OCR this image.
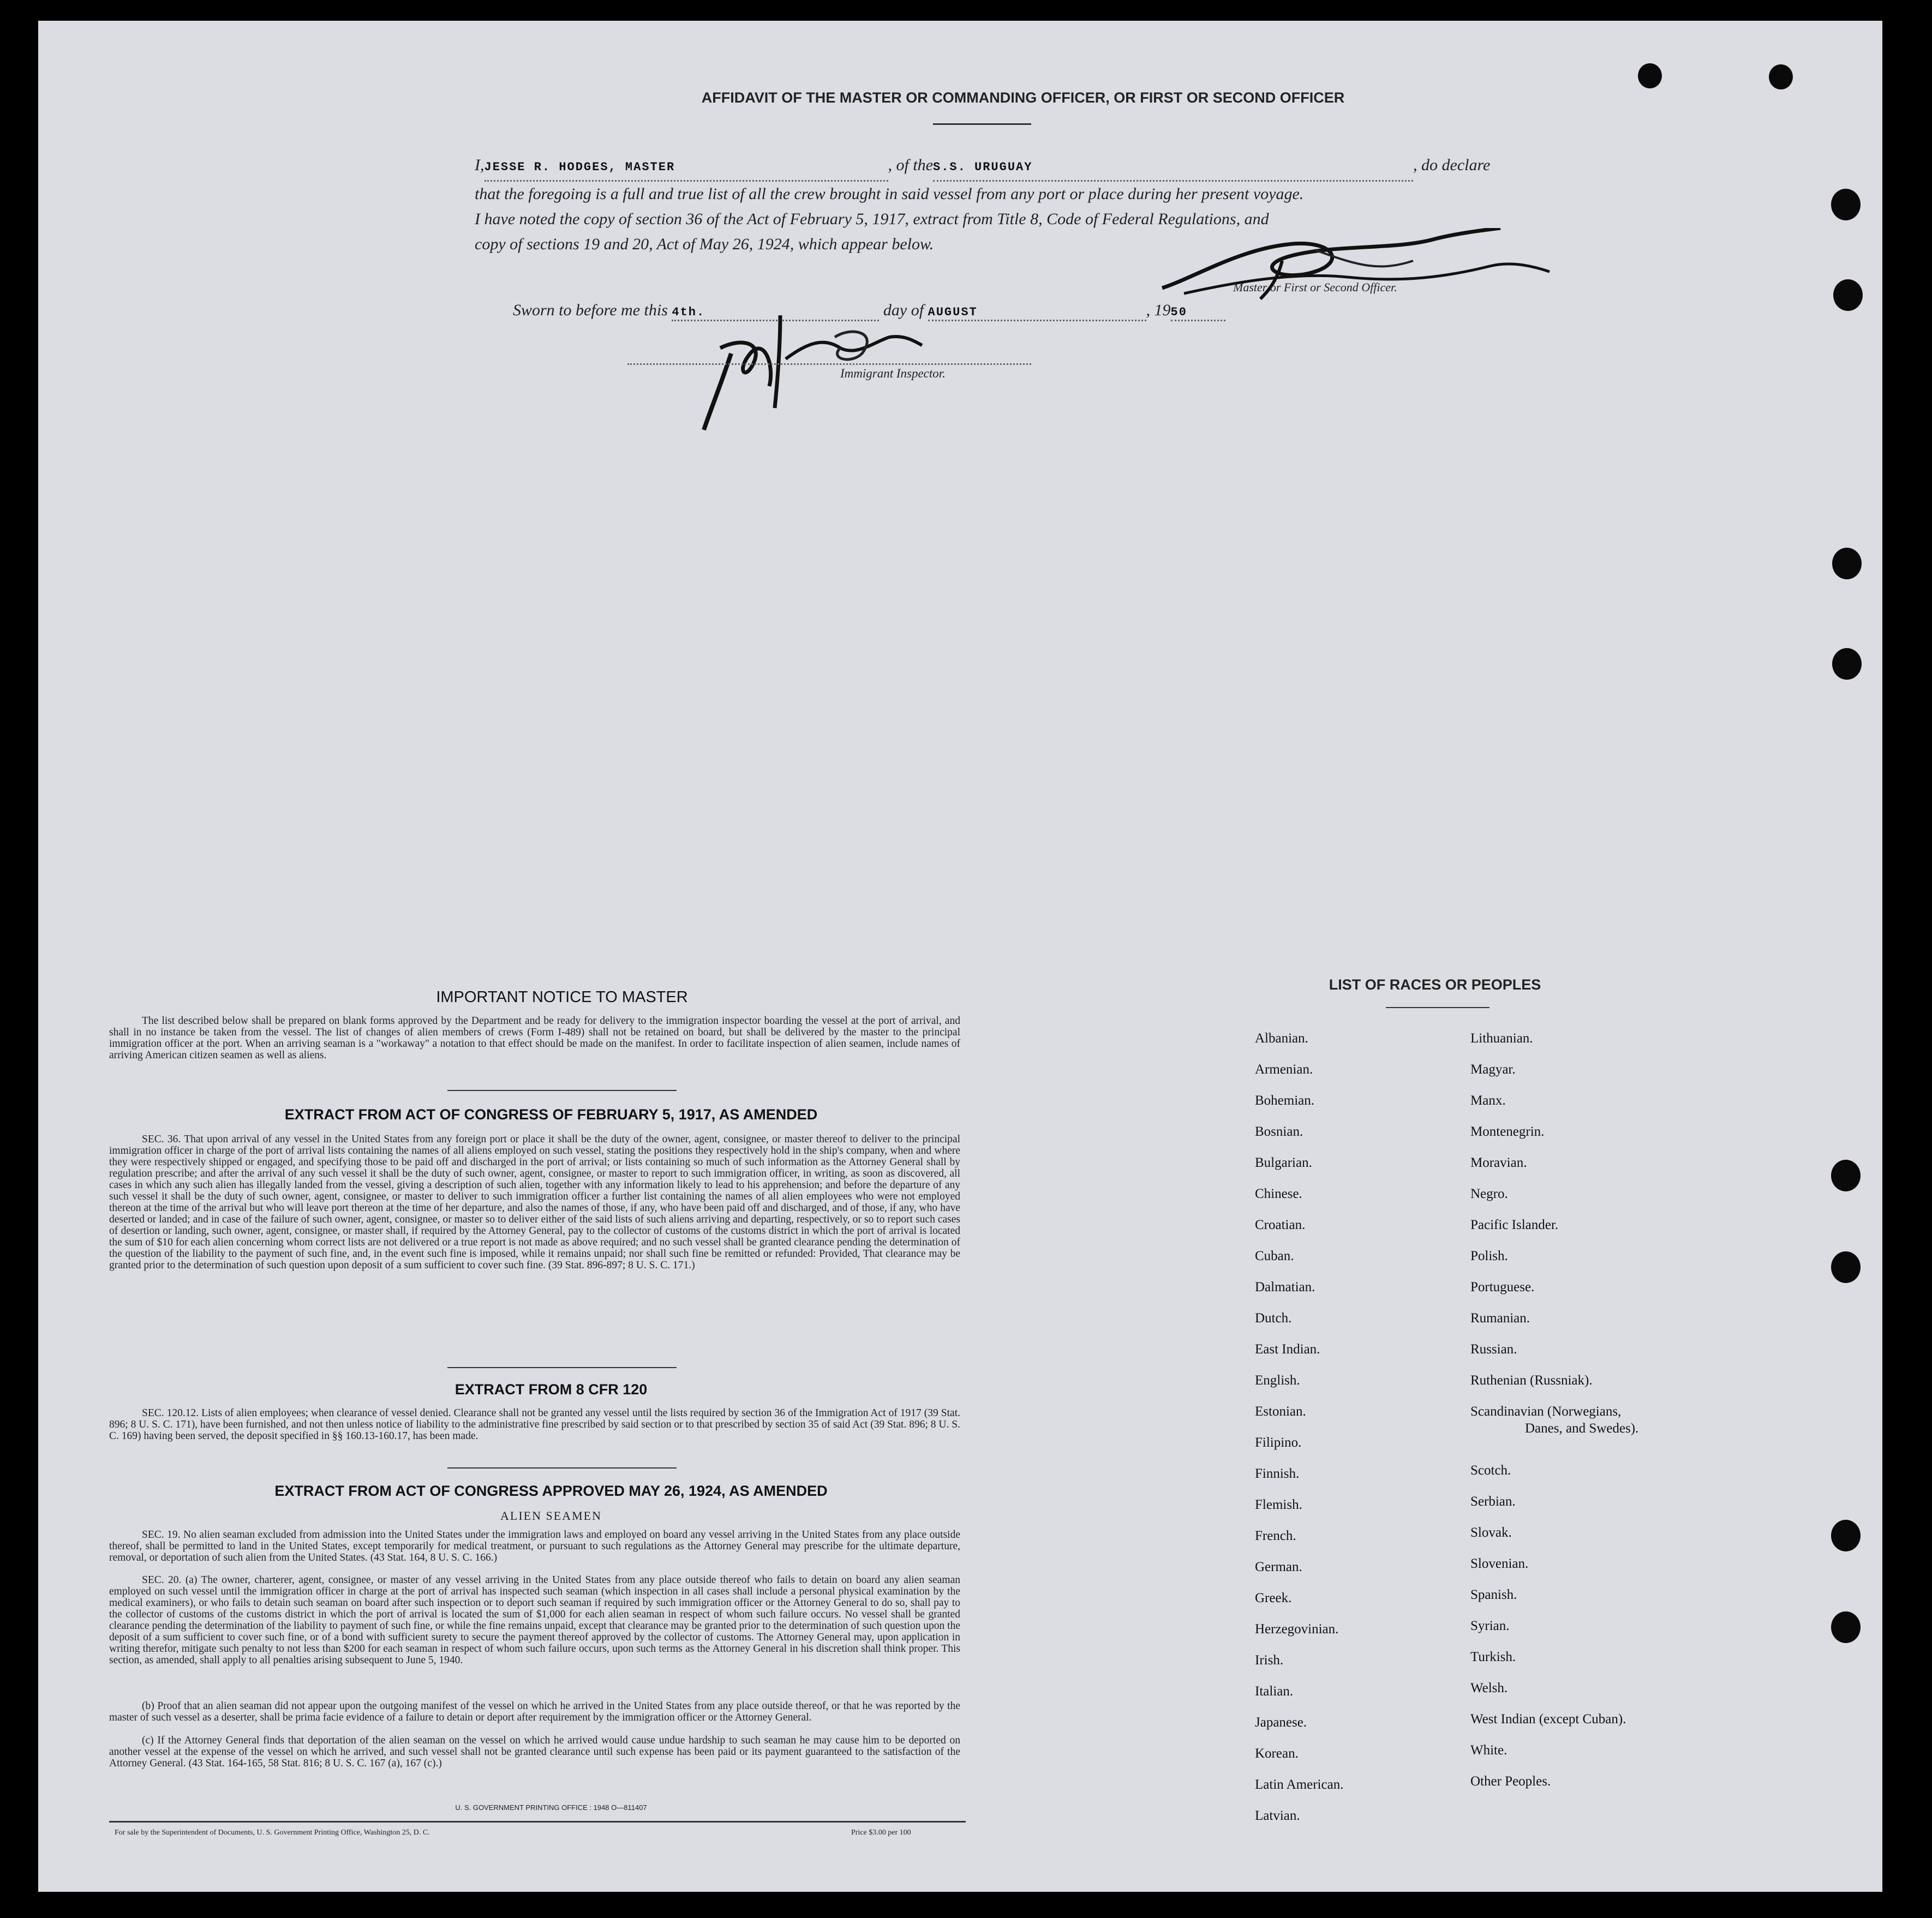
AFFIDAVIT OF THE MASTER OR COMMANDING OFFICER, OR FIRST OR SECOND OFFICER
I,JESSE R. HODGES, MASTER	, of theS.S. URUGUAY	, do declare
that the foregoing is a full and true list of all the crew brought in said vessel from any port or place during her present voyage.
I have noted the copy of section 36 of the Act of February 5, 1917, extract from Title 8, Code of Federal Regulations, and
copy of sections 19 and 20, Act of May 26, 1924, which appear below.
Master or First or Second Officer.
Sworn to before me this 4th.	day of AUGUST	, 1950
Immigrant Inspector.
IMPORTANT NOTICE TO MASTER
The list described below shall be prepared on blank forms approved by the Department and be ready for delivery to the immigration inspector boarding the vessel at the port of arrival, and shall in no instance be taken from the vessel. The list of changes of alien members of crews (Form I-489) shall not be retained on board, but shall be delivered by the master to the principal immigration officer at the port. When an arriving seaman is a "workaway" a notation to that effect should be made on the manifest. In order to facilitate inspection of alien seamen, include names of arriving American citizen seamen as well as aliens.
EXTRACT FROM ACT OF CONGRESS OF FEBRUARY 5, 1917, AS AMENDED
SEC. 36. That upon arrival of any vessel in the United States from any foreign port or place it shall be the duty of the owner, agent, consignee, or master thereof to deliver to the principal immigration officer in charge of the port of arrival lists containing the names of all aliens employed on such vessel, stating the positions they respectively hold in the ship's company, when and where they were respectively shipped or engaged, and specifying those to be paid off and discharged in the port of arrival; or lists containing so much of such information as the Attorney General shall by regulation prescribe; and after the arrival of any such vessel it shall be the duty of such owner, agent, consignee, or master to report to such immigration officer, in writing, as soon as discovered, all cases in which any such alien has illegally landed from the vessel, giving a description of such alien, together with any information likely to lead to his apprehension; and before the departure of any such vessel it shall be the duty of such owner, agent, consignee, or master to deliver to such immigration officer a further list containing the names of all alien employees who were not employed thereon at the time of the arrival but who will leave port thereon at the time of her departure, and also the names of those, if any, who have been paid off and discharged, and of those, if any, who have deserted or landed; and in case of the failure of such owner, agent, consignee, or master so to deliver either of the said lists of such aliens arriving and departing, respectively, or so to report such cases of desertion or landing, such owner, agent, consignee, or master shall, if required by the Attorney General, pay to the collector of customs of the customs district in which the port of arrival is located the sum of $10 for each alien concerning whom correct lists are not delivered or a true report is not made as above required; and no such vessel shall be granted clearance pending the determination of the question of the liability to the payment of such fine, and, in the event such fine is imposed, while it remains unpaid; nor shall such fine be remitted or refunded: Provided, That clearance may be granted prior to the determination of such question upon deposit of a sum sufficient to cover such fine. (39 Stat. 896-897; 8 U. S. C. 171.)
EXTRACT FROM 8 CFR 120
SEC. 120.12. Lists of alien employees; when clearance of vessel denied. Clearance shall not be granted any vessel until the lists required by section 36 of the Immigration Act of 1917 (39 Stat. 896; 8 U. S. C. 171), have been furnished, and not then unless notice of liability to the administrative fine prescribed by said section or to that prescribed by section 35 of said Act (39 Stat. 896; 8 U. S. C. 169) having been served, the deposit specified in §§ 160.13-160.17, has been made.
EXTRACT FROM ACT OF CONGRESS APPROVED MAY 26, 1924, AS AMENDED
ALIEN SEAMEN
SEC. 19. No alien seaman excluded from admission into the United States under the immigration laws and employed on board any vessel arriving in the United States from any place outside thereof, shall be permitted to land in the United States, except temporarily for medical treatment, or pursuant to such regulations as the Attorney General may prescribe for the ultimate departure, removal, or deportation of such alien from the United States. (43 Stat. 164, 8 U. S. C. 166.)
SEC. 20. (a) The owner, charterer, agent, consignee, or master of any vessel arriving in the United States from any place outside thereof who fails to detain on board any alien seaman employed on such vessel until the immigration officer in charge at the port of arrival has inspected such seaman (which inspection in all cases shall include a personal physical examination by the medical examiners), or who fails to detain such seaman on board after such inspection or to deport such seaman if required by such immigration officer or the Attorney General to do so, shall pay to the collector of customs of the customs district in which the port of arrival is located the sum of $1,000 for each alien seaman in respect of whom such failure occurs. No vessel shall be granted clearance pending the determination of the liability to payment of such fine, or while the fine remains unpaid, except that clearance may be granted prior to the determination of such question upon the deposit of a sum sufficient to cover such fine, or of a bond with sufficient surety to secure the payment thereof approved by the collector of customs. The Attorney General may, upon application in writing therefor, mitigate such penalty to not less than $200 for each seaman in respect of whom such failure occurs, upon such terms as the Attorney General in his discretion shall think proper. This section, as amended, shall apply to all penalties arising subsequent to June 5, 1940.
(b) Proof that an alien seaman did not appear upon the outgoing manifest of the vessel on which he arrived in the United States from any place outside thereof, or that he was reported by the master of such vessel as a deserter, shall be prima facie evidence of a failure to detain or deport after requirement by the immigration officer or the Attorney General.
(c) If the Attorney General finds that deportation of the alien seaman on the vessel on which he arrived would cause undue hardship to such seaman he may cause him to be deported on another vessel at the expense of the vessel on which he arrived, and such vessel shall not be granted clearance until such expense has been paid or its payment guaranteed to the satisfaction of the Attorney General. (43 Stat. 164-165, 58 Stat. 816; 8 U. S. C. 167 (a), 167 (c).)
U. S. GOVERNMENT PRINTING OFFICE : 1948 O—811407
For sale by the Superintendent of Documents, U. S. Government Printing Office, Washington 25, D. C.	Price $3.00 per 100
LIST OF RACES OR PEOPLES
Albanian.
Armenian.
Bohemian.
Bosnian.
Bulgarian.
Chinese.
Croatian.
Cuban.
Dalmatian.
Dutch.
East Indian.
English.
Estonian.
Filipino.
Finnish.
Flemish.
French.
German.
Greek.
Herzegovinian.
Irish.
Italian.
Japanese.
Korean.
Latin American.
Latvian.
Lithuanian.
Magyar.
Manx.
Montenegrin.
Moravian.
Negro.
Pacific Islander.
Polish.
Portuguese.
Rumanian.
Russian.
Ruthenian (Russniak).
Scandinavian (Norwegians,
Danes, and Swedes).
Scotch.
Serbian.
Slovak.
Slovenian.
Spanish.
Syrian.
Turkish.
Welsh.
West Indian (except Cuban).
White.
Other Peoples.
